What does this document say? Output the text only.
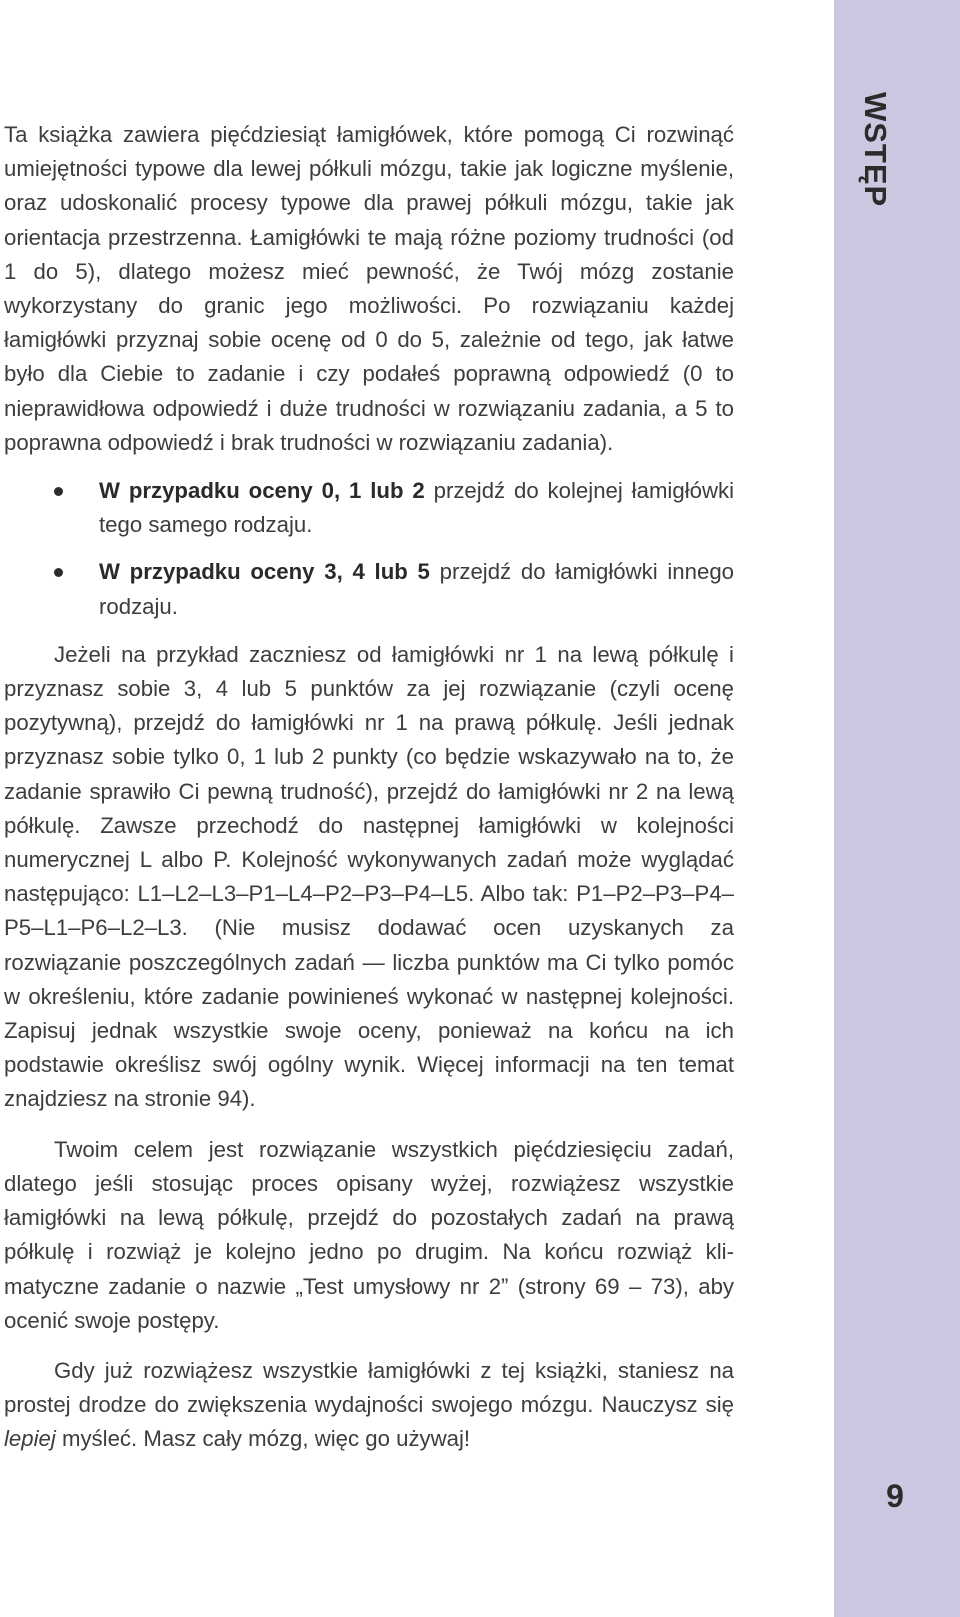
Ta książka zawiera pięćdziesiąt łamigłówek, które pomogą Ci rozwinąć umiejętności typowe dla lewej półkuli mózgu, takie jak logiczne myślenie, oraz udoskonalić procesy typowe dla prawej półkuli mózgu, takie jak orientacja przestrzenna. Łamigłówki te mają różne poziomy trudności (od 1 do 5), dlatego możesz mieć pewność, że Twój mózg zostanie wykorzystany do granic jego możliwości. Po rozwiązaniu każdej łamigłówki przyznaj sobie ocenę od 0 do 5, zależnie od tego, jak łatwe było dla Ciebie to zadanie i czy podałeś poprawną odpowiedź (0 to nieprawidłowa odpowiedź i duże trudności w rozwiązaniu zadania, a 5 to poprawna odpowiedź i brak trudności w rozwiązaniu zadania).

W przypadku oceny 0, 1 lub 2 przejdź do kolejnej łamigłówki tego samego rodzaju.
W przypadku oceny 3, 4 lub 5 przejdź do łamigłówki innego rodzaju.

Jeżeli na przykład zaczniesz od łamigłówki nr 1 na lewą półkulę i przyznasz sobie 3, 4 lub 5 punktów za jej rozwiązanie (czyli ocenę pozytywną), przejdź do łamigłówki nr 1 na prawą półkulę. Jeśli jednak przyznasz sobie tylko 0, 1 lub 2 punkty (co będzie wskazywało na to, że zadanie sprawiło Ci pewną trudność), przejdź do łamigłówki nr 2 na lewą półkulę. Zawsze przechodź do następnej łamigłówki w kolejności numerycznej L albo P. Kolejność wykonywanych zadań może wyglądać następująco: L1–L2–L3–P1–L4–P2–P3–P4–L5. Albo tak: P1–P2–P3–P4–P5–L1–P6–L2–L3. (Nie musisz dodawać ocen uzyskanych za rozwiązanie poszczególnych zadań — liczba punktów ma Ci tylko pomóc w określeniu, które zadanie powinieneś wykonać w następnej kolejności. Zapisuj jednak wszystkie swoje oceny, ponieważ na końcu na ich podstawie określisz swój ogólny wynik. Więcej informacji na ten temat znajdziesz na stronie 94).

Twoim celem jest rozwiązanie wszystkich pięćdziesięciu zadań, dlatego jeśli stosując proces opisany wyżej, rozwiążesz wszystkie łamigłówki na lewą półkulę, przejdź do pozostałych zadań na prawą półkulę i rozwiąż je kolejno jedno po drugim. Na końcu rozwiąż klimatyczne zadanie o nazwie „Test umysłowy nr 2” (strony 69 – 73), aby ocenić swoje postępy.

Gdy już rozwiążesz wszystkie łamigłówki z tej książki, staniesz na prostej drodze do zwiększenia wydajności swojego mózgu. Nauczysz się lepiej myśleć. Masz cały mózg, więc go używaj!

WSTĘP
9
